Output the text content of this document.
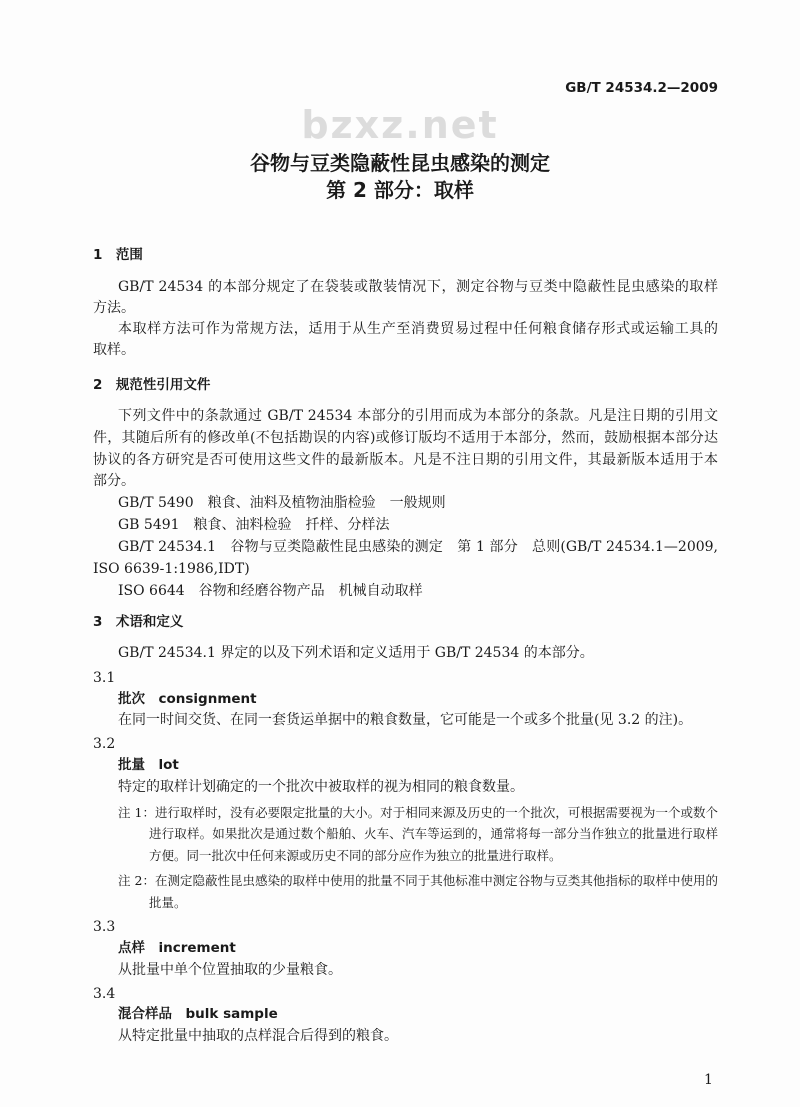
bzxz.net
GB/T 24534.2—2009
谷物与豆类隐蔽性昆虫感染的测定
第 2 部分：取样
1　范围
GB/T 24534 的本部分规定了在袋装或散装情况下，测定谷物与豆类中隐蔽性昆虫感染的取样
方法。
本取样方法可作为常规方法，适用于从生产至消费贸易过程中任何粮食储存形式或运输工具的
取样。
2　规范性引用文件
下列文件中的条款通过 GB/T 24534 本部分的引用而成为本部分的条款。凡是注日期的引用文
件，其随后所有的修改单(不包括勘误的内容)或修订版均不适用于本部分，然而，鼓励根据本部分达
协议的各方研究是否可使用这些文件的最新版本。凡是不注日期的引用文件，其最新版本适用于本
部分。
GB/T 5490　粮食、油料及植物油脂检验　一般规则
GB 5491　粮食、油料检验　扦样、分样法
GB/T 24534.1　谷物与豆类隐蔽性昆虫感染的测定　第 1 部分　总则(GB/T 24534.1—2009,
ISO 6639-1:1986,IDT)
ISO 6644　谷物和经磨谷物产品　机械自动取样
3　术语和定义
GB/T 24534.1 界定的以及下列术语和定义适用于 GB/T 24534 的本部分。
3.1
批次　consignment
在同一时间交货、在同一套货运单据中的粮食数量，它可能是一个或多个批量(见 3.2 的注)。
3.2
批量　lot
特定的取样计划确定的一个批次中被取样的视为相同的粮食数量。
注 1：进行取样时，没有必要限定批量的大小。对于相同来源及历史的一个批次，可根据需要视为一个或数个
进行取样。如果批次是通过数个船舶、火车、汽车等运到的，通常将每一部分当作独立的批量进行取样
方便。同一批次中任何来源或历史不同的部分应作为独立的批量进行取样。
注 2：在测定隐蔽性昆虫感染的取样中使用的批量不同于其他标准中测定谷物与豆类其他指标的取样中使用的
批量。
3.3
点样　increment
从批量中单个位置抽取的少量粮食。
3.4
混合样品　bulk sample
从特定批量中抽取的点样混合后得到的粮食。
1
